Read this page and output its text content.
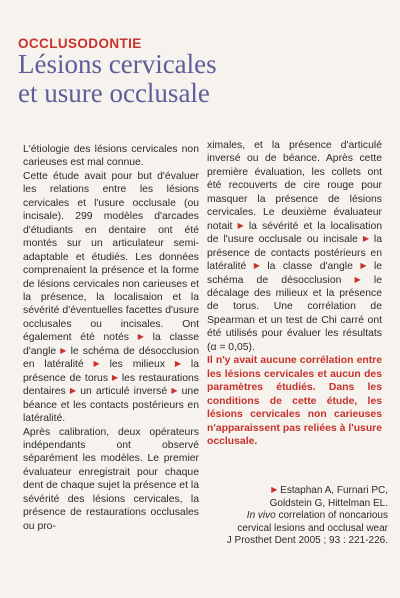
OCCLUSODONTIE
Lésions cervicales
et usure occlusale

L'étiologie des lésions cervicales non carieuses est mal connue.

Cette étude avait pour but d'évaluer les relations entre les lésions cervicales et l'usure occlusale (ou incisale). 299 modèles d'arcades d'étudiants en dentaire ont été montés sur un articulateur semi-adaptable et étudiés. Les données comprenaient la présence et la forme de lésions cervicales non carieuses et la présence, la localisaion et la sévérité d'éventuelles facettes d'usure occlusales ou incisales. Ont également été notés ▶ la classe d'angle ▶ le schéma de désocclusion en latéralité ▶ les milieux ▶ la présence de torus ▶ les restaurations dentaires ▶ un articulé inversé ▶ une béance et les contacts postérieurs en latéralité.

Après calibration, deux opérateurs indépendants ont observé séparément les modèles. Le premier évaluateur enregistrait pour chaque dent de chaque sujet la présence et la sévérité des lésions cervicales, la présence de restaurations occlusales ou pro-

ximales, et la présence d'articulé inversé ou de béance. Après cette première évaluation, les collets ont été recouverts de cire rouge pour masquer la présence de lésions cervicales. Le deuxième évaluateur notait ▶ la sévérité et la localisation de l'usure occlusale ou incisale ▶ la présence de contacts postérieurs en latéralité ▶ la classe d'angle ▶ le schéma de désocclusion ▶ le décalage des milieux et la présence de torus. Une corrélation de Spearman et un test de Chi carré ont été utilisés pour évaluer les résultats (α = 0,05).

Il n'y avait aucune corrélation entre les lésions cervicales et aucun des paramètres étudiés. Dans les conditions de cette étude, les lésions cervicales non carieuses n'apparaissent pas reliées à l'usure occlusale.

▶ Estaphan A, Furnari PC,
Goldstein G, Hittelman EL.
In vivo correlation of noncarious
cervical lesions and occlusal wear
J Prosthet Dent 2005 ; 93 : 221-226.
